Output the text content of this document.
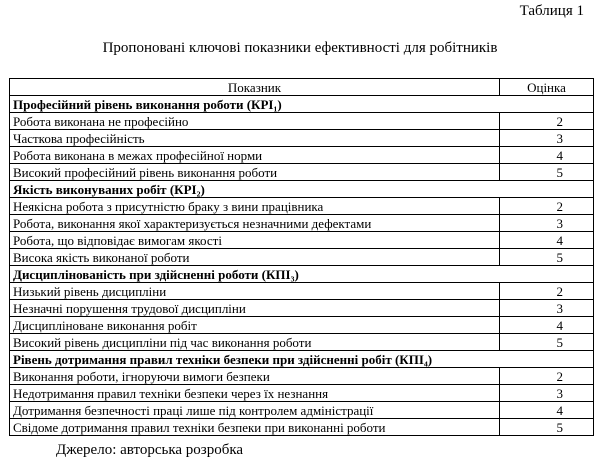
Таблиця 1
Пропоновані ключові показники ефективності для робітників
Показник	Оцінка
Професійний рівень виконання роботи (КРІ₁)	
Робота виконана не професійно	2
Часткова професійність	3
Робота виконана в межах професійної норми	4
Високий професійний рівень виконання роботи	5
Якість виконуваних робіт (КРІ₂)	
Неякісна робота з присутністю браку з вини працівника	2
Робота, виконання якої характеризується незначними дефектами	3
Робота, що відповідає вимогам якості	4
Висока якість виконаної роботи	5
Дисциплінованість при здійсненні роботи (КПІ₃)	
Низький рівень дисципліни	2
Незначні порушення трудової дисципліни	3
Дисципліноване виконання робіт	4
Високий рівень дисципліни під час виконання роботи	5
Рівень дотримання правил техніки безпеки при здійсненні робіт (КПІ₄)	
Виконання роботи, ігноруючи вимоги безпеки	2
Недотримання правил техніки безпеки через їх незнання	3
Дотримання безпечності праці лише під контролем адміністрації	4
Свідоме дотримання правил техніки безпеки при виконанні роботи	5
Джерело: авторська розробка
